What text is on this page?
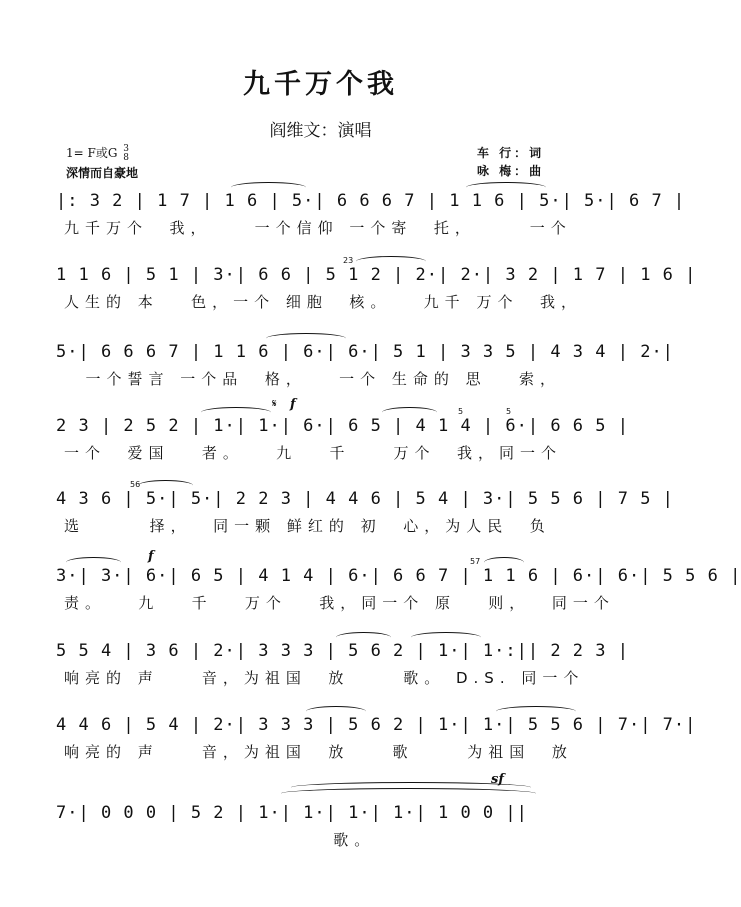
九千万个我
阎维文：演唱
1= F或G 3
8
深情而自豪地
车 行：词
咏 梅：曲
|: 3 2 | 1 7 | 1 6 | 5·| 6 6 6 7 | 1 1 6 | 5·| 5·| 6 7 |
九千万个  我，    一个信仰 一个寄  托，     一个
23
1 1 6 | 5 1 | 3·| 6 6 | 5 1 2 | 2·| 2·| 3 2 | 1 7 | 1 6 |
人生的 本   色，一个 细胞  核。   九千 万个  我，
5·| 6 6 6 7 | 1 1 6 | 6·| 6·| 5 1 | 3 3 5 | 4 3 4 | 2·|
一个誓言 一个品  格，   一个 生命的 思   索，
𝄋 f	5	5
2 3 | 2 5 2 | 1·| 1·| 6·| 6 5 | 4 1 4 | 6·| 6 6 5 |
一个  爱国   者。   九   千    万个  我，同一个
56
4 3 6 | 5·| 5·| 2 2 3 | 4 4 6 | 5 4 | 3·| 5 5 6 | 7 5 |
选      择，  同一颗 鲜红的 初  心，为人民  负
f	57
3·| 3·| 6·| 6 5 | 4 1 4 | 6·| 6 6 7 | 1 1 6 | 6·| 6·| 5 5 6 |
责。   九   千   万个   我，同一个 原   则，  同一个
5 5 4 | 3 6 | 2·| 3 3 3 | 5 6 2 | 1·| 1·:|| 2 2 3 |
响亮的 声    音，为祖国  放     歌。 D.S. 同一个
4 4 6 | 5 4 | 2·| 3 3 3 | 5 6 2 | 1·| 1·| 5 5 6 | 7·| 7·|
响亮的 声    音，为祖国  放    歌     为祖国  放
sf
7·| 0 0 0 | 5 2 | 1·| 1·| 1·| 1·| 1 0 0 ||
歌。
